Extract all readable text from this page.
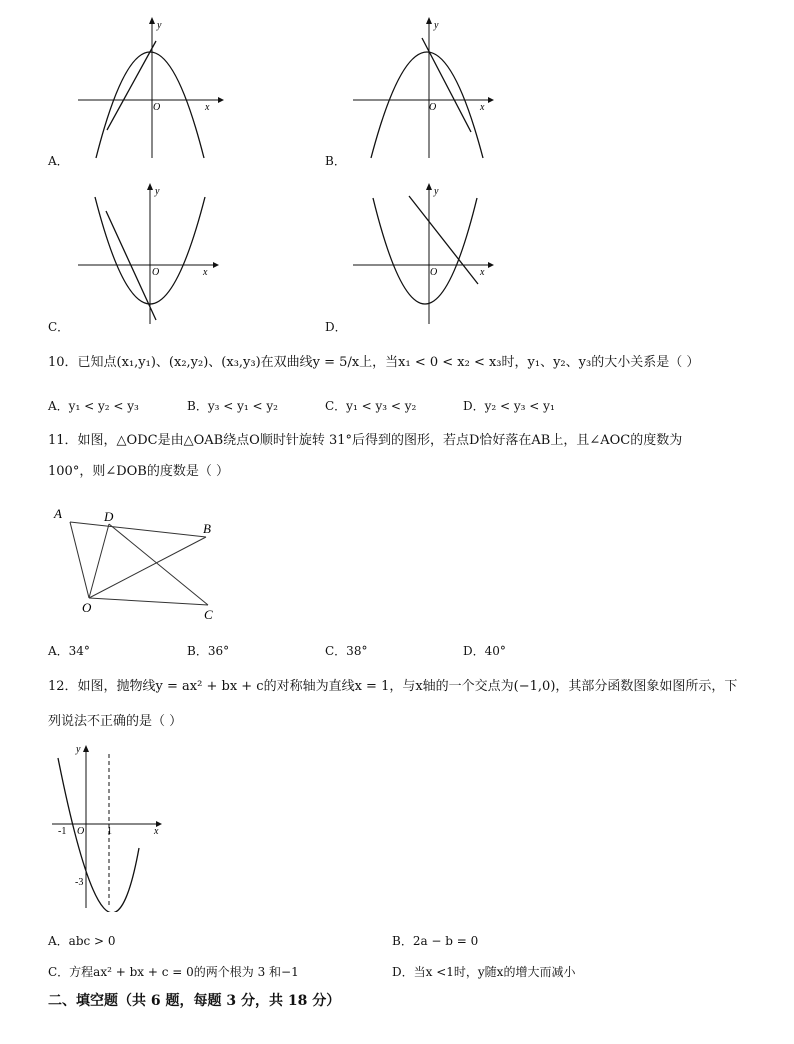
y
x
O
A．
y
x
O
B．
y
x
O
C．
y
x
O
D．
10．已知点(x₁,y₁)、(x₂,y₂)、(x₃,y₃)在双曲线y = 5/x上，当x₁ < 0 < x₂ < x₃时，y₁、y₂、y₃的大小关系是（ ）
A．y₁ < y₂ < y₃	B．y₃ < y₁ < y₂	C．y₁ < y₃ < y₂	D．y₂ < y₃ < y₁
11．如图，△ODC是由△OAB绕点O顺时针旋转 31°后得到的图形，若点D恰好落在AB上，且∠AOC的度数为
100°，则∠DOB的度数是（ ）
A	D
B
O	C
A．34°	B．36°	C．38°	D．40°
12．如图，抛物线y = ax² + bx + c的对称轴为直线x = 1，与x轴的一个交点为(−1,0)，其部分函数图象如图所示，下
列说法不正确的是（ ）
y
x
-1 O 1
-3
A．abc > 0	B．2a − b = 0
C．方程ax² + bx + c = 0的两个根为 3 和−1	D．当x <1时，y随x的增大而减小
二、填空题（共 6 题，每题 3 分，共 18 分）
